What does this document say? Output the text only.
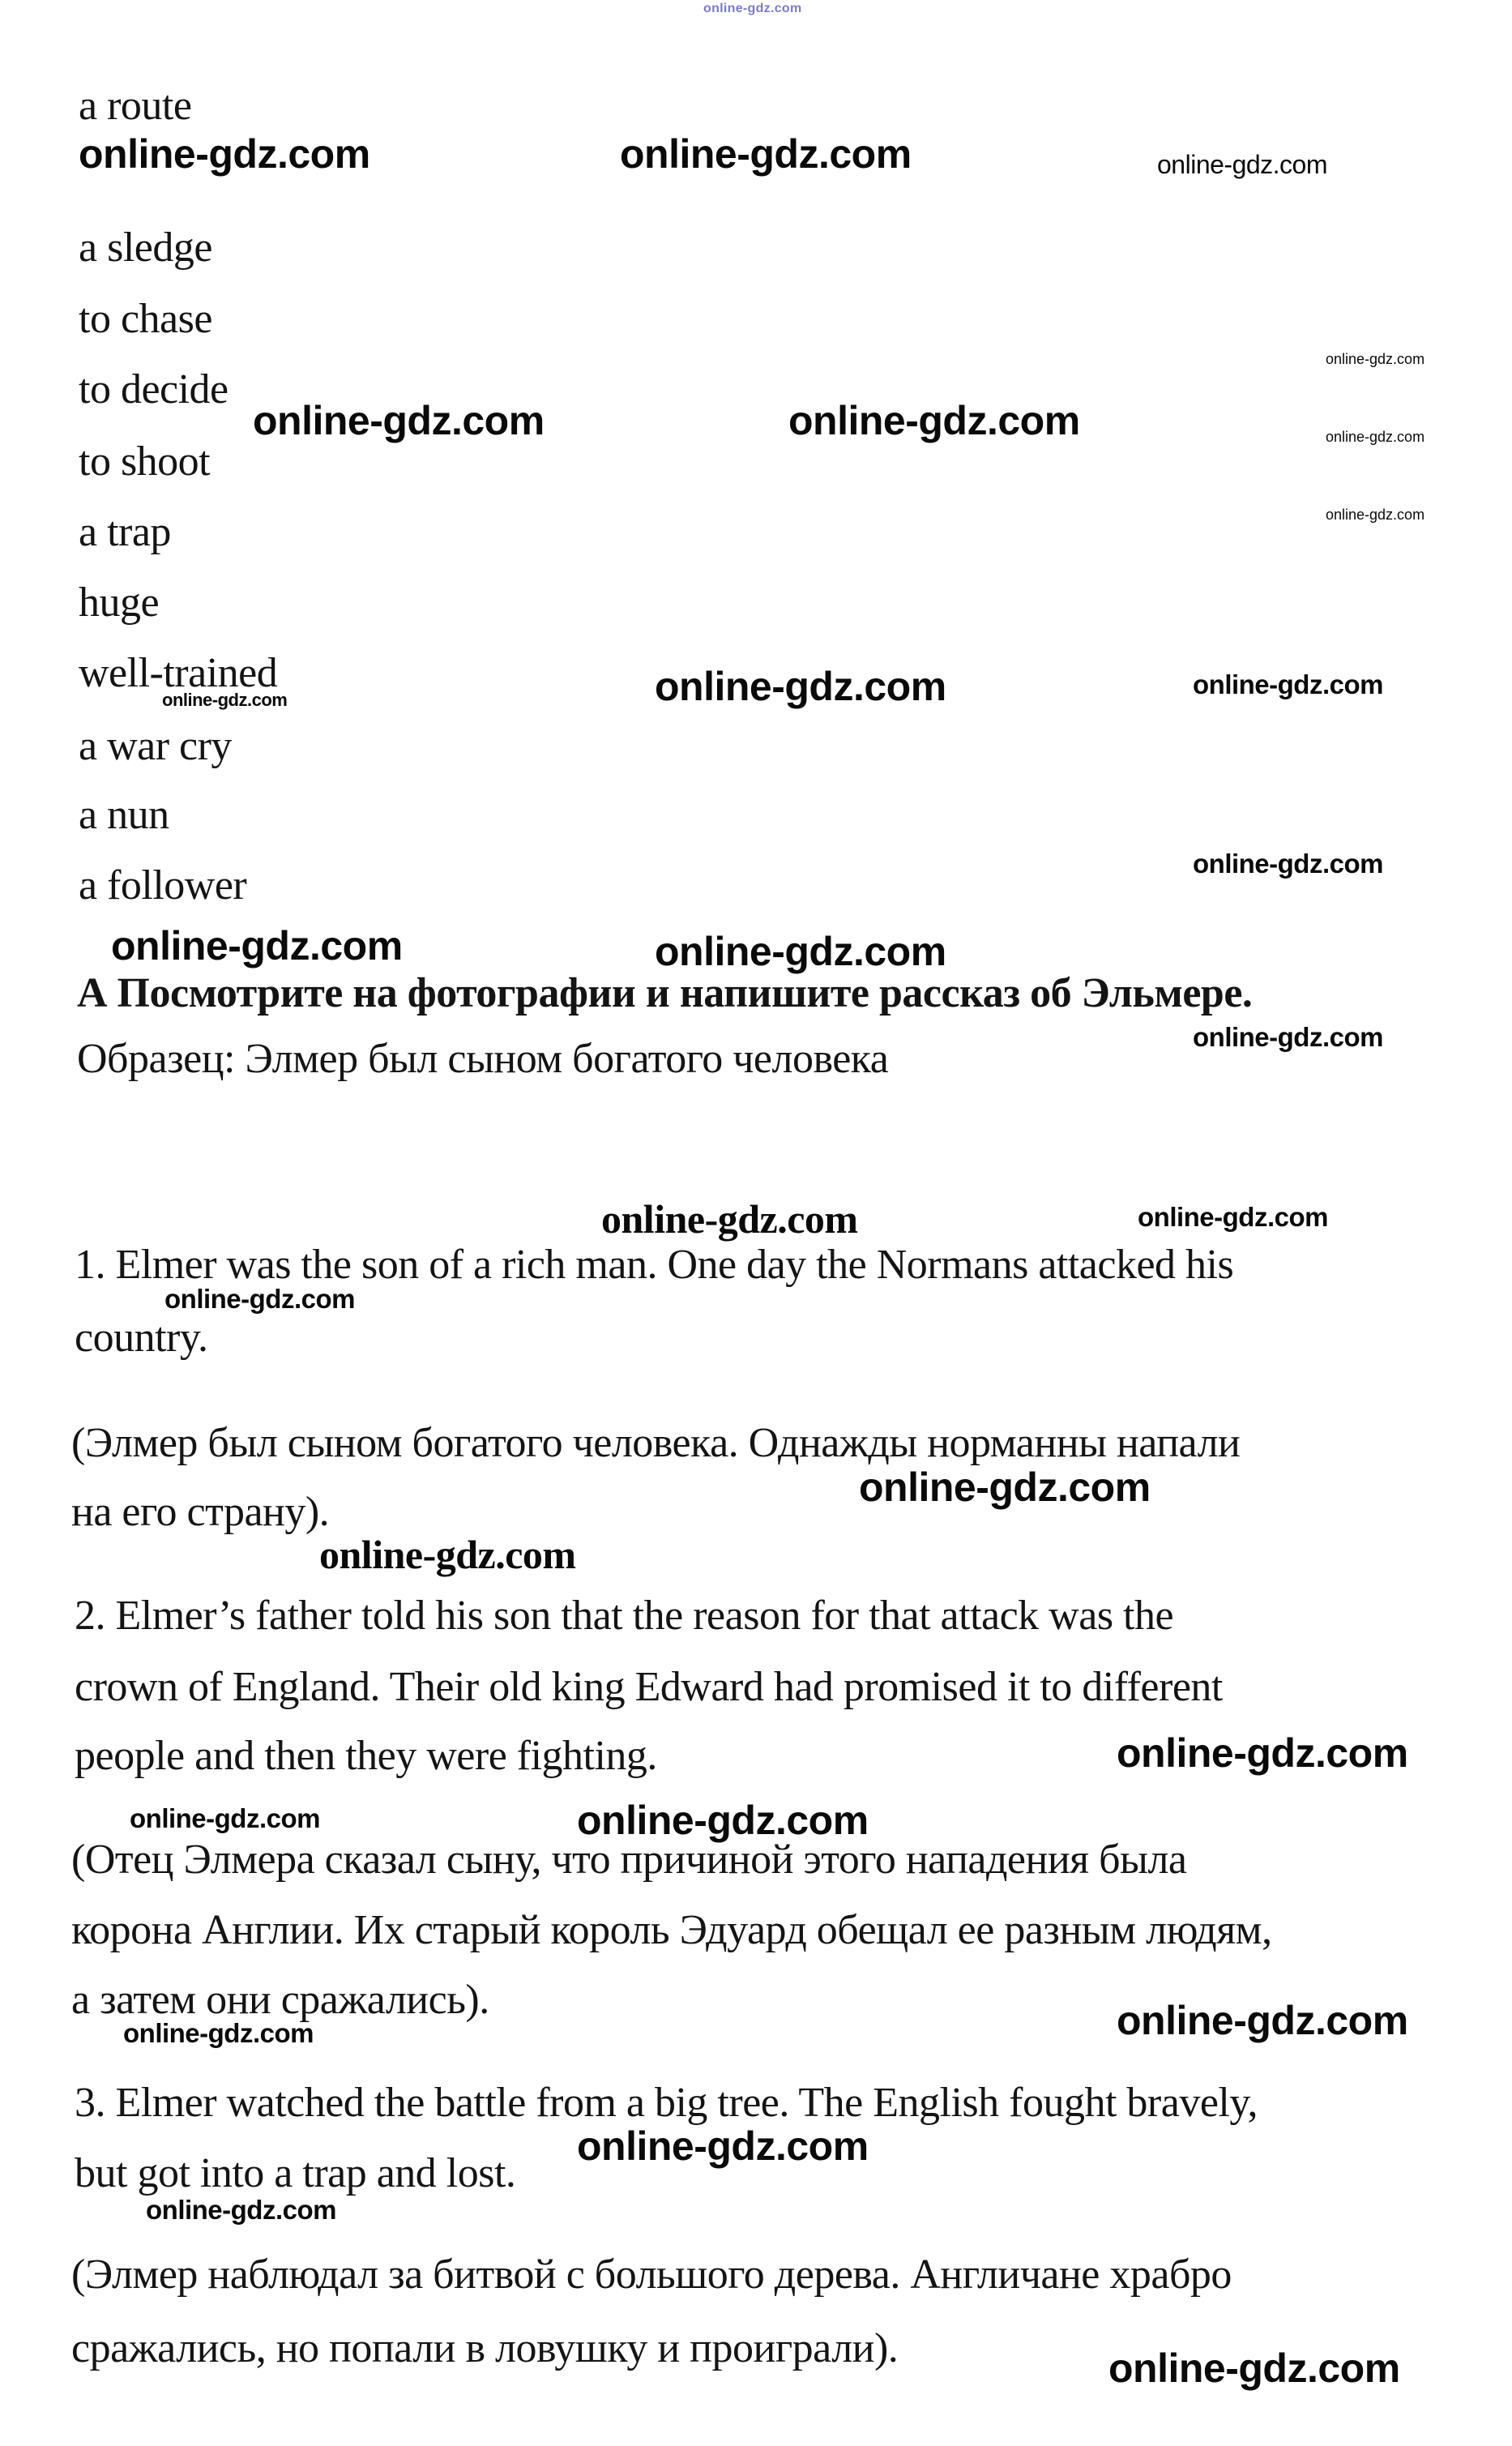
a route
a sledge
to chase
to decide
to shoot
a trap
huge
well-trained
a war cry
a nun
a follower
А Посмотрите на фотографии и напишите рассказ об Эльмере.
Образец: Элмер был сыном богатого человека
1. Elmer was the son of a rich man. One day the Normans attacked his
country.
(Элмер был сыном богатого человека. Однажды норманны напали
на его страну).
2. Elmer’s father told his son that the reason for that attack was the
crown of England. Their old king Edward had promised it to different
people and then they were fighting.
(Отец Элмера сказал сыну, что причиной этого нападения была
корона Англии. Их старый король Эдуард обещал ее разным людям,
а затем они сражались).
3. Elmer watched the battle from a big tree. The English fought bravely,
but got into a trap and lost.
(Элмер наблюдал за битвой с большого дерева. Англичане храбро
сражались, но попали в ловушку и проиграли).
online-gdz.com
online-gdz.com	online-gdz.com	online-gdz.com
online-gdz.com
online-gdz.com	online-gdz.com	online-gdz.com
online-gdz.com
online-gdz.com	online-gdz.com
online-gdz.com
online-gdz.com
online-gdz.com	online-gdz.com
online-gdz.com
online-gdz.com	online-gdz.com
online-gdz.com
online-gdz.com
online-gdz.com
online-gdz.com
online-gdz.com
online-gdz.com
online-gdz.com
online-gdz.com
online-gdz.com
online-gdz.com
online-gdz.com
